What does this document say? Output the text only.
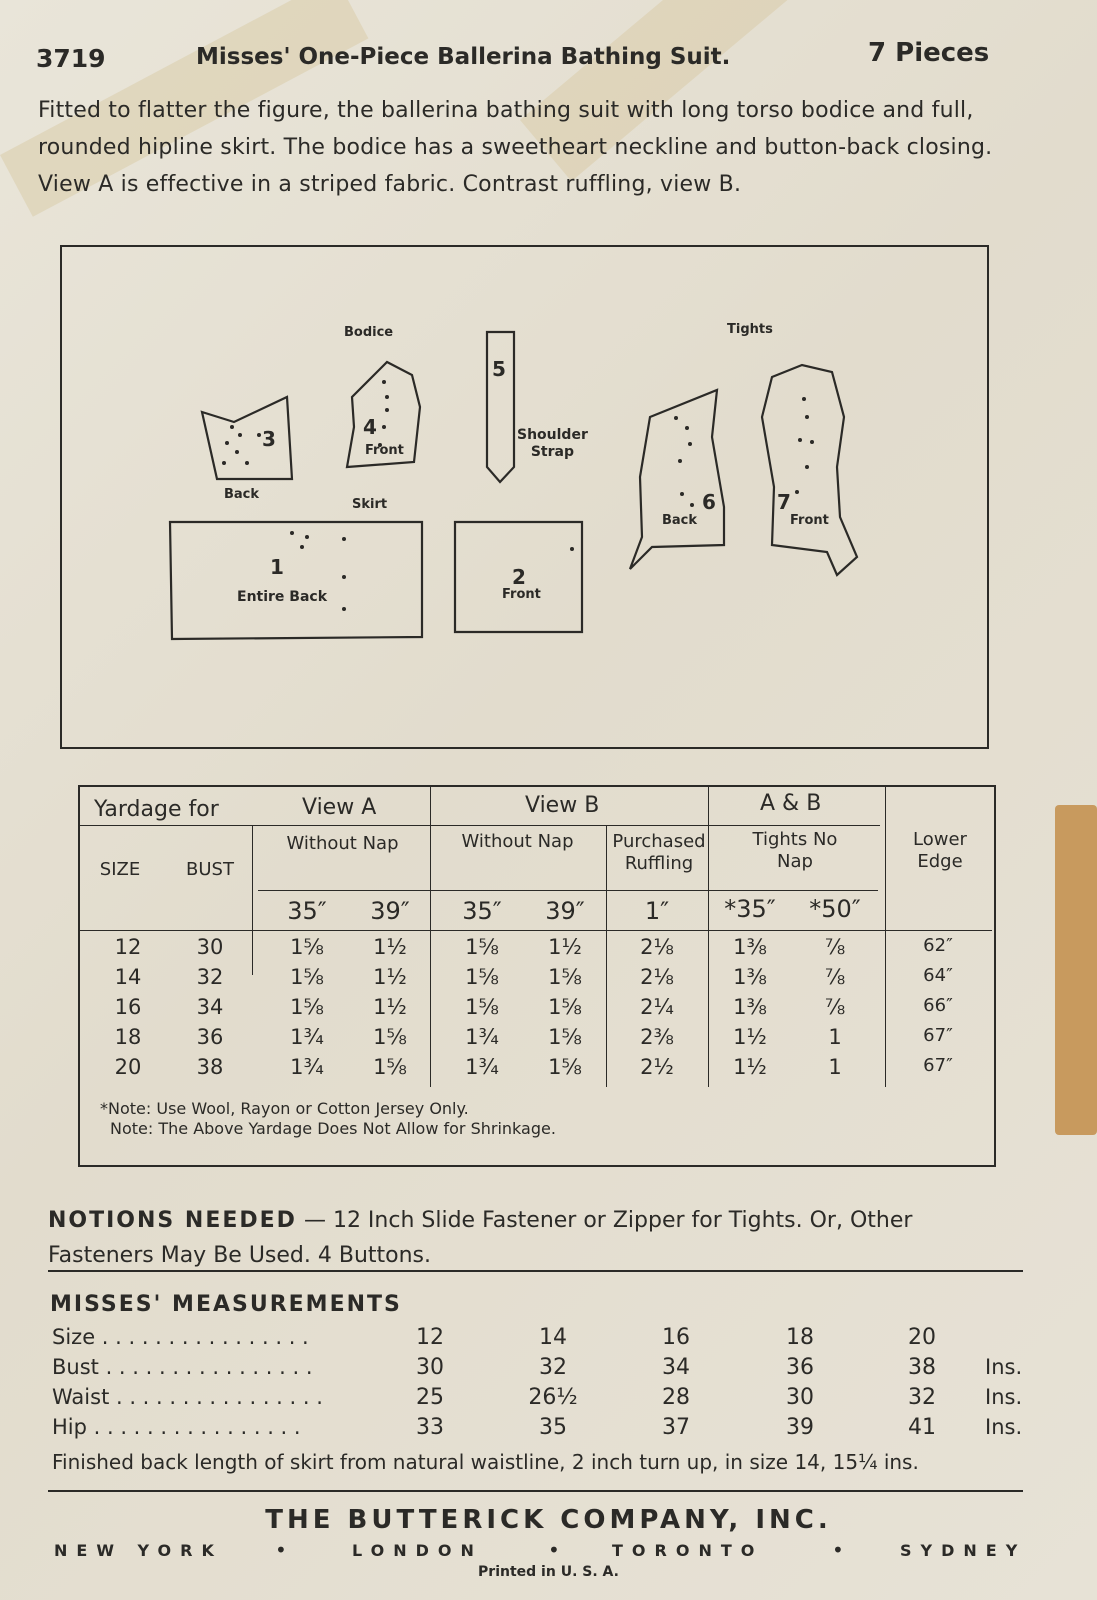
3719	Misses' One-Piece Ballerina Bathing Suit.	7 Pieces
Fitted to flatter the figure, the ballerina bathing suit with long torso bodice and full, rounded hipline skirt. The bodice has a sweetheart neckline and button-back closing. View A is effective in a striped fabric. Contrast ruffling, view B.
Bodice	Tights
Skirt
3
Back
4
Front
5
Shoulder
Strap
1
Entire Back
2
Front
6
Back
7
Front
Yardage for	View A	View B	A & B
SIZE	BUST
Without Nap	Without Nap	Purchased Ruffling
Tights No Nap
Lower Edge
35″	39″	35″	39″	1″	*35″	*50″
12	30	1⅝	1½	1⅝	1½	2⅛	1⅜	⅞	62″
14	32	1⅝	1½	1⅝	1⅝	2⅛	1⅜	⅞	64″
16	34	1⅝	1½	1⅝	1⅝	2¼	1⅜	⅞	66″
18	36	1¾	1⅝	1¾	1⅝	2⅜	1½	1	67″
20	38	1¾	1⅝	1¾	1⅝	2½	1½	1	67″
*Note: Use Wool, Rayon or Cotton Jersey Only.
Note: The Above Yardage Does Not Allow for Shrinkage.
NOTIONS NEEDED — 12 Inch Slide Fastener or Zipper for Tights. Or, Other Fasteners May Be Used. 4 Buttons.
MISSES' MEASUREMENTS
Size . . . . . . . . . . . . . . . .	12	14	16	18	20
Bust . . . . . . . . . . . . . . . .	30	32	34	36	38	Ins.
Waist . . . . . . . . . . . . . . . .	25	26½	28	30	32	Ins.
Hip . . . . . . . . . . . . . . . .	33	35	37	39	41	Ins.
Finished back length of skirt from natural waistline, 2 inch turn up, in size 14, 15¼ ins.
THE BUTTERICK COMPANY, INC.
NEW YORK	•	LONDON	•	TORONTO	•	SYDNEY
Printed in U. S. A.
